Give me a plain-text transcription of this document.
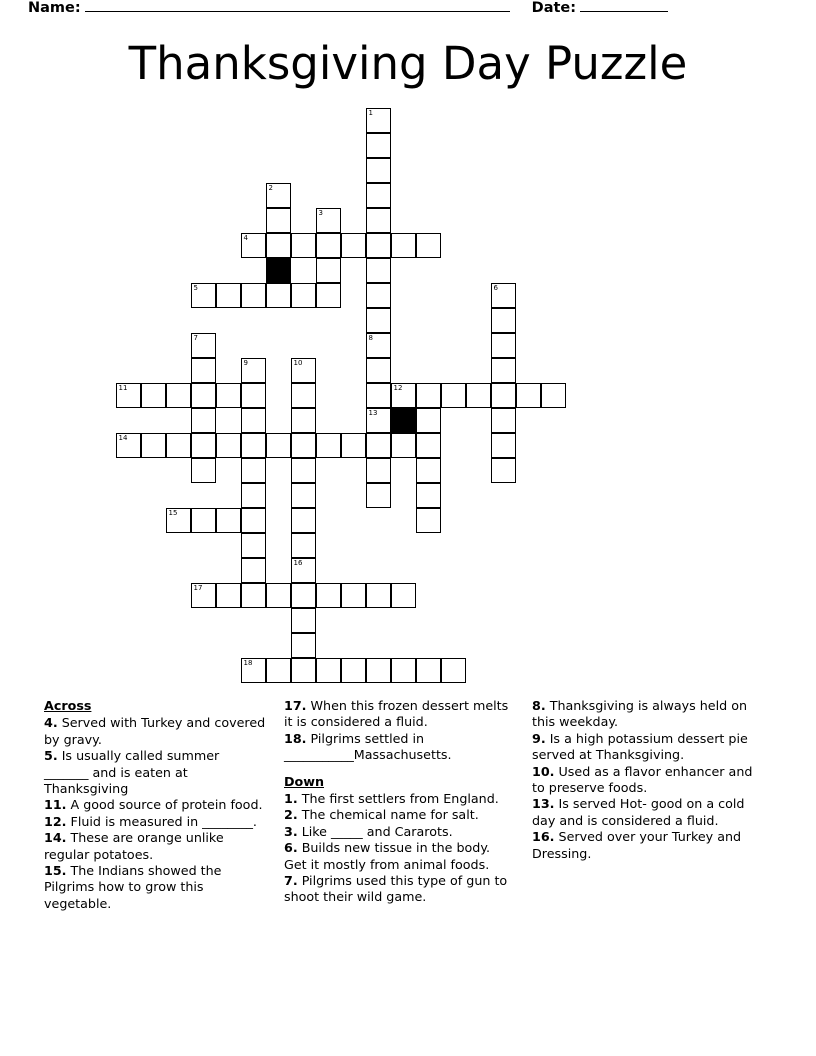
Name:	Date:
Thanksgiving Day Puzzle
1
2
3
4
5	6
7	8
9	10
11	12
13
14
15
16
17
18
Across

4. Served with Turkey and covered by gravy.

5. Is usually called summer _______ and is eaten at Thanksgiving

11. A good source of protein food.

12. Fluid is measured in ________.

14. These are orange unlike regular potatoes.

15. The Indians showed the Pilgrims how to grow this vegetable.

17. When this frozen dessert melts it is considered a fluid.

18. Pilgrims settled in ___________Massachusetts.

Down

1. The first settlers from England.

2. The chemical name for salt.

3. Like _____ and Cararots.

6. Builds new tissue in the body. Get it mostly from animal foods.

7. Pilgrims used this type of gun to shoot their wild game.

8. Thanksgiving is always held on this weekday.

9. Is a high potassium dessert pie served at Thanksgiving.

10. Used as a flavor enhancer and to preserve foods.

13. Is served Hot- good on a cold day and is considered a fluid.

16. Served over your Turkey and Dressing.
